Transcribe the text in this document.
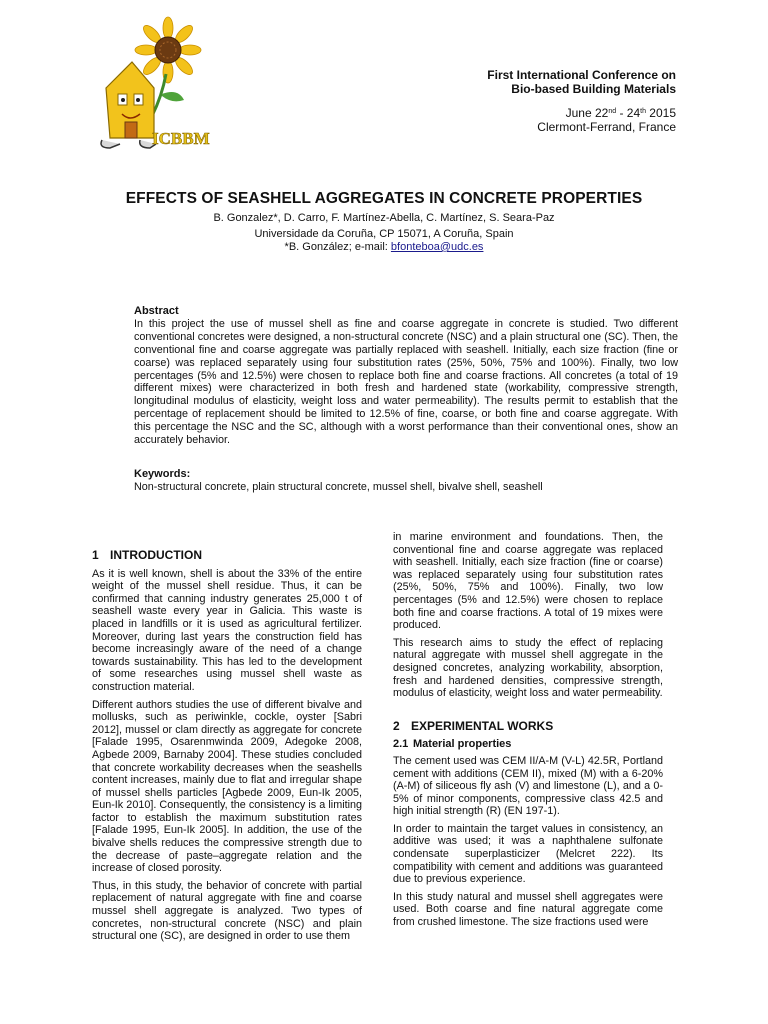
ICBBM
First International Conference on
Bio-based Building Materials
June 22nd - 24th 2015
Clermont-Ferrand, France
EFFECTS OF SEASHELL AGGREGATES IN CONCRETE PROPERTIES
B. Gonzalez*, D. Carro, F. Martínez-Abella, C. Martínez, S. Seara-Paz
Universidade da Coruña, CP 15071, A Coruña, Spain
*B. González; e-mail: bfonteboa@udc.es
Abstract
In this project the use of mussel shell as fine and coarse aggregate in concrete is studied. Two different conventional concretes were designed, a non-structural concrete (NSC) and a plain structural one (SC). Then, the conventional fine and coarse aggregate was partially replaced with seashell. Initially, each size fraction (fine or coarse) was replaced separately using four substitution rates (25%, 50%, 75% and 100%). Finally, two low percentages (5% and 12.5%) were chosen to replace both fine and coarse fractions. All concretes (a total of 19 different mixes) were characterized in both fresh and hardened state (workability, compressive strength, longitudinal modulus of elasticity, weight loss and water permeability). The results permit to establish that the percentage of replacement should be limited to 12.5% of fine, coarse, or both fine and coarse aggregate. With this percentage the NSC and the SC, although with a worst performance than their conventional ones, show an accurately behavior.
Keywords:
Non-structural concrete, plain structural concrete, mussel shell, bivalve shell, seashell
1 INTRODUCTION

As it is well known, shell is about the 33% of the entire weight of the mussel shell residue. Thus, it can be confirmed that canning industry generates 25,000 t of seashell waste every year in Galicia. This waste is placed in landfills or it is used as agricultural fertilizer. Moreover, during last years the construction field has become increasingly aware of the need of a change towards sustainability. This has led to the development of some researches using mussel shell waste as construction material.

Different authors studies the use of different bivalve and mollusks, such as periwinkle, cockle, oyster [Sabri 2012], mussel or clam directly as aggregate for concrete [Falade 1995, Osarenmwinda 2009, Adegoke 2008, Agbede 2009, Barnaby 2004]. These studies concluded that concrete workability decreases when the seashells content increases, mainly due to flat and irregular shape of mussel shells particles [Agbede 2009, Eun-Ik 2005, Eun-Ik 2010]. Consequently, the consistency is a limiting factor to establish the maximum substitution rates [Falade 1995, Eun-Ik 2005]. In addition, the use of the bivalve shells reduces the compressive strength due to the decrease of paste–aggregate relation and the increase of closed porosity.

Thus, in this study, the behavior of concrete with partial replacement of natural aggregate with fine and coarse mussel shell aggregate is analyzed. Two types of concretes, non-structural concrete (NSC) and plain structural one (SC), are designed in order to use them

in marine environment and foundations. Then, the conventional fine and coarse aggregate was replaced with seashell. Initially, each size fraction (fine or coarse) was replaced separately using four substitution rates (25%, 50%, 75% and 100%). Finally, two low percentages (5% and 12.5%) were chosen to replace both fine and coarse fractions. A total of 19 mixes were produced.

This research aims to study the effect of replacing natural aggregate with mussel shell aggregate in the designed concretes, analyzing workability, absorption, fresh and hardened densities, compressive strength, modulus of elasticity, weight loss and water permeability.

2 EXPERIMENTAL WORKS
2.1 Material properties

The cement used was CEM II/A-M (V-L) 42.5R, Portland cement with additions (CEM II), mixed (M) with a 6-20% (A-M) of siliceous fly ash (V) and limestone (L), and a 0-5% of minor components, compressive class 42.5 and high initial strength (R) (EN 197-1).

In order to maintain the target values in consistency, an additive was used; it was a naphthalene sulfonate condensate superplasticizer (Melcret 222). Its compatibility with cement and additions was guaranteed due to previous experience.

In this study natural and mussel shell aggregates were used. Both coarse and fine natural aggregate come from crushed limestone. The size fractions used were
